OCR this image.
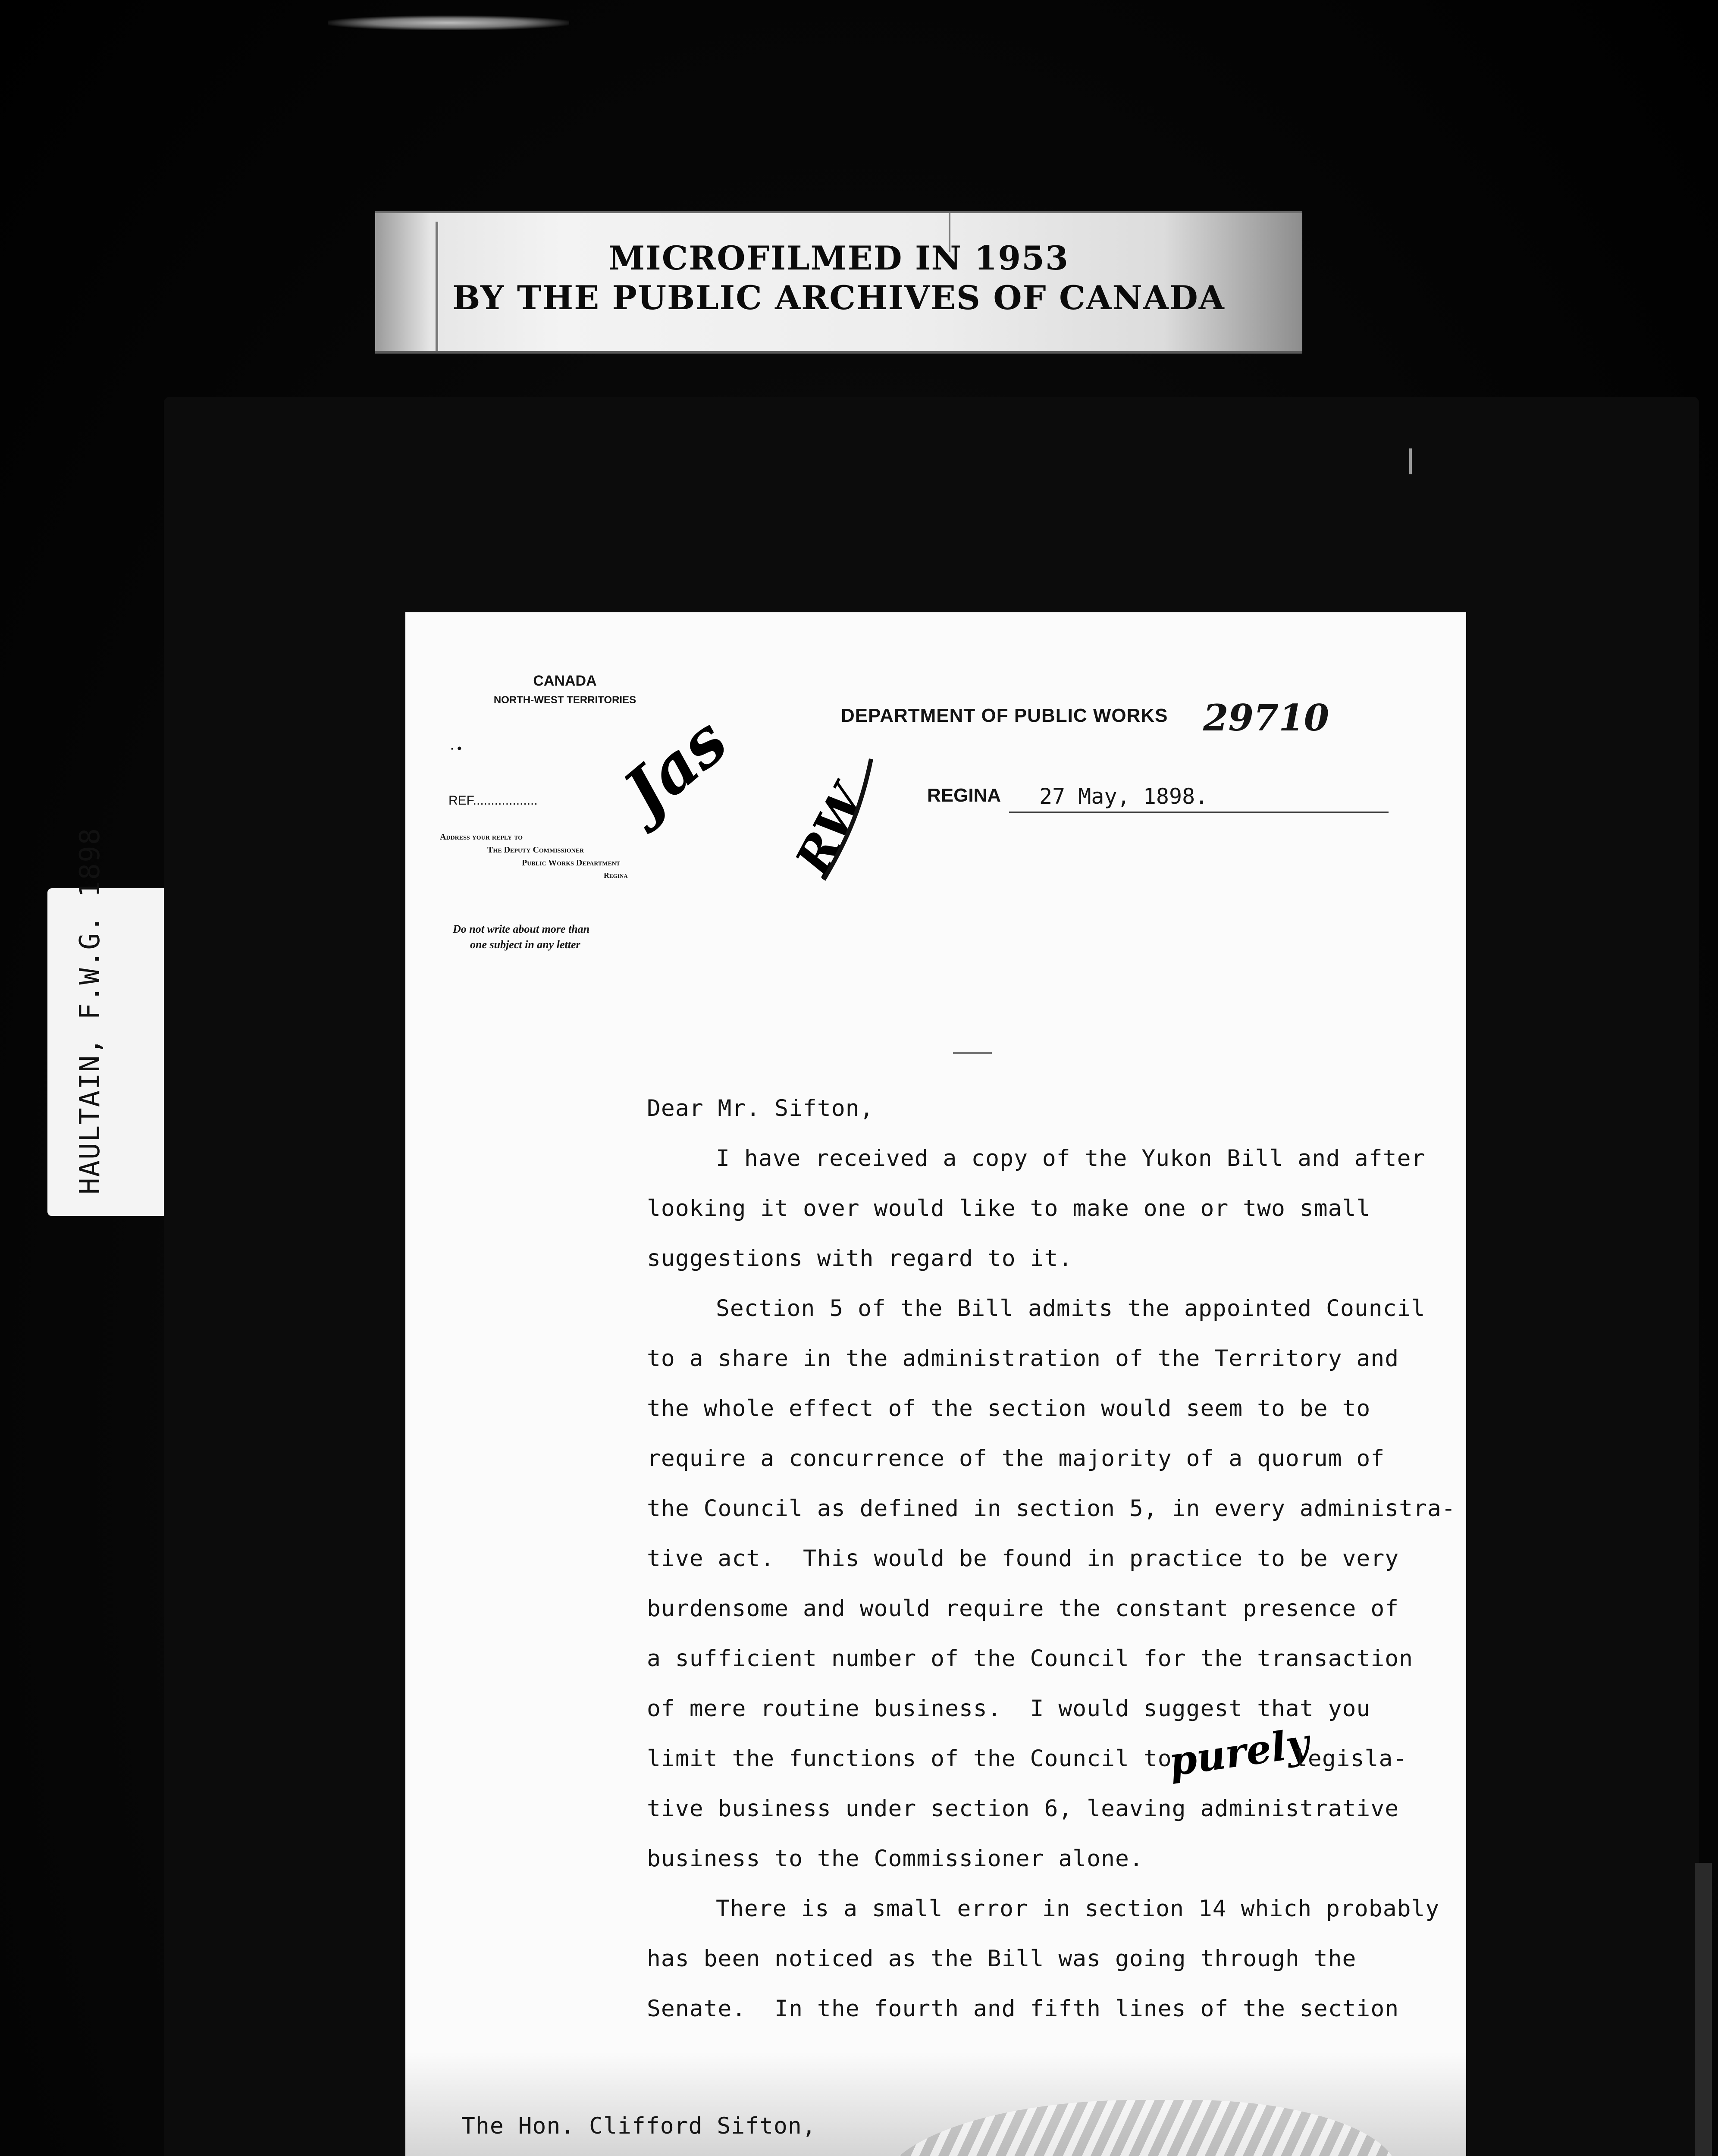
MICROFILMED IN 1953
BY THE PUBLIC ARCHIVES OF CANADA
HAULTAIN, F.W.G. 1898
CANADA
NORTH-WEST TERRITORIES
·•
REF..................
Address your reply to
The Deputy Commissioner
Public Works Department
Regina
Do not write about more than
one subject in any letter
Jas RW
DEPARTMENT OF PUBLIC WORKS 29710
REGINA 27 May, 1898.
Dear Mr. Sifton,
I have received a copy of the Yukon Bill and after
looking it over would like to make one or two small
suggestions with regard to it.
Section 5 of the Bill admits the appointed Council
to a share in the administration of the Territory and
the whole effect of the section would seem to be to
require a concurrence of the majority of a quorum of
the Council as defined in section 5, in every administra-
tive act.  This would be found in practice to be very
burdensome and would require the constant presence of
a sufficient number of the Council for the transaction
of mere routine business.  I would suggest that you
limit the functions of the Council to
purely
legisla-
tive business under section 6, leaving administrative
business to the Commissioner alone.
There is a small error in section 14 which probably
has been noticed as the Bill was going through the
Senate.  In the fourth and fifth lines of the section
The Hon. Clifford Sifton,
